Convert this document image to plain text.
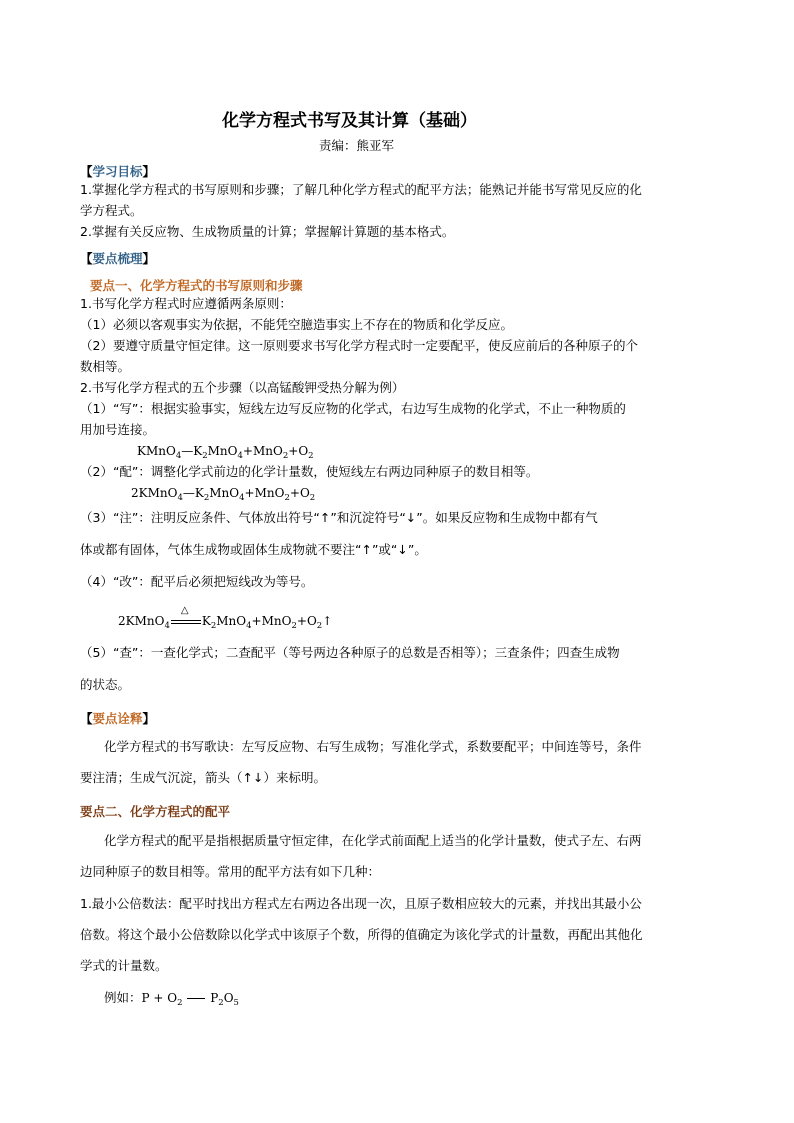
化学方程式书写及其计算（基础）
责编：熊亚军
【学习目标】
1.掌握化学方程式的书写原则和步骤；了解几种化学方程式的配平方法；能熟记并能书写常见反应的化
学方程式。
2.掌握有关反应物、生成物质量的计算；掌握解计算题的基本格式。
【要点梳理】
要点一、化学方程式的书写原则和步骤
1.书写化学方程式时应遵循两条原则：
（1）必须以客观事实为依据，不能凭空臆造事实上不存在的物质和化学反应。
（2）要遵守质量守恒定律。这一原则要求书写化学方程式时一定要配平，使反应前后的各种原子的个
数相等。
2.书写化学方程式的五个步骤（以高锰酸钾受热分解为例）
（1）“写”：根据实验事实，短线左边写反应物的化学式，右边写生成物的化学式，不止一种物质的
用加号连接。
$KMnO_4—K_2MnO_4+MnO_2+O_2$
（2）“配”：调整化学式前边的化学计量数，使短线左右两边同种原子的数目相等。
$2KMnO_4—K_2MnO_4+MnO_2+O_2$
（3）“注”：注明反应条件、气体放出符号“↑”和沉淀符号“↓”。如果反应物和生成物中都有气
体或都有固体，气体生成物或固体生成物就不要注“↑”或“↓”。
（4）“改”：配平后必须把短线改为等号。
2KMnO$_4$
△
$K_2MnO_4+MnO_2+O_2↑$
（5）“查”：一查化学式；二查配平（等号两边各种原子的总数是否相等）；三查条件；四查生成物
的状态。
【要点诠释】
化学方程式的书写歌诀：左写反应物、右写生成物；写准化学式，系数要配平；中间连等号，条件
要注清；生成气沉淀，箭头（↑↓）来标明。
要点二、化学方程式的配平
化学方程式的配平是指根据质量守恒定律，在化学式前面配上适当的化学计量数，使式子左、右两
边同种原子的数目相等。常用的配平方法有如下几种：
1.最小公倍数法：配平时找出方程式左右两边各出现一次，且原子数相应较大的元素，并找出其最小公
倍数。将这个最小公倍数除以化学式中该原子个数，所得的值确定为该化学式的计量数，再配出其他化
学式的计量数。
例如：$P + O_2$ $P_2O_5$
